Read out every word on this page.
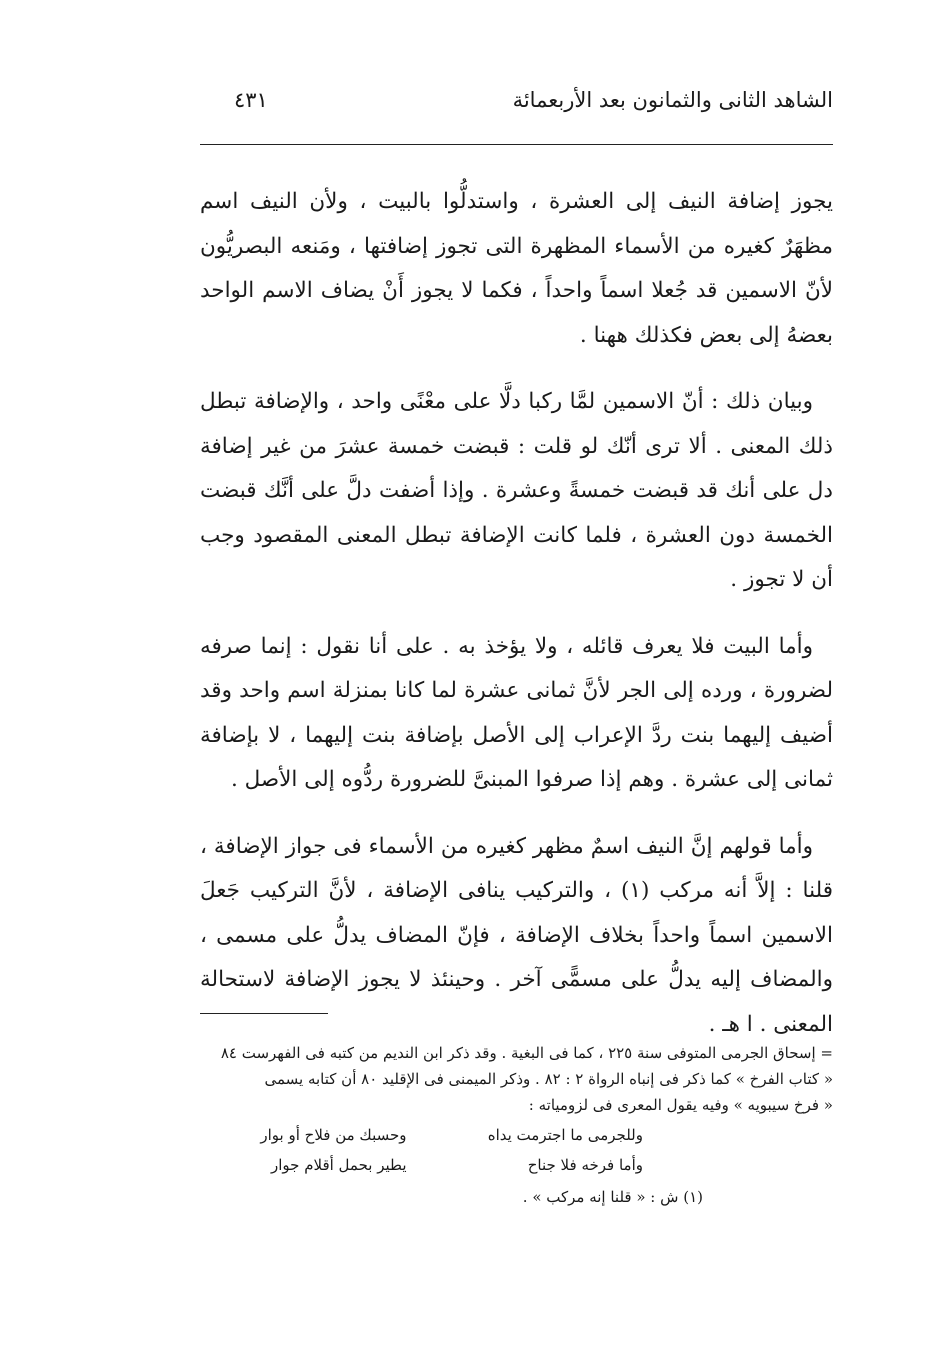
الشاهد الثانى والثمانون بعد الأربعمائة
٤٣١

يجوز إضافة النيف إلى العشرة ، واستدلُّوا بالبيت ، ولأن النيف اسم مظهَرٌ كغيره من الأسماء المظهرة التى تجوز إضافتها ، ومَنعه البصريُّون لأنّ الاسمين قد جُعلا اسماً واحداً ، فكما لا يجوز أَنْ يضاف الاسم الواحد بعضهُ إلى بعض فكذلك ههنا .

وبيان ذلك : أنّ الاسمين لمَّا ركبا دلَّا على معْنًى واحد ، والإضافة تبطل ذلك المعنى . ألا ترى أنّك لو قلت : قبضت خمسة عشرَ من غير إضافة دل على أنك قد قبضت خمسةً وعشرة . وإذا أضفت دلَّ على أنَّك قبضت الخمسة دون العشرة ، فلما كانت الإضافة تبطل المعنى المقصود وجب أن لا تجوز .

وأما البيت فلا يعرف قائله ، ولا يؤخذ به . على أنا نقول : إنما صرفه لضرورة ، ورده إلى الجر لأنَّ ثمانى عشرة لما كانا بمنزلة اسم واحد وقد أضيف إليهما بنت ردَّ الإعراب إلى الأصل بإضافة بنت إليهما ، لا بإضافة ثمانى إلى عشرة . وهم إذا صرفوا المبنىَّ للضرورة ردُّوه إلى الأصل .

وأما قولهم إنَّ النيف اسمٌ مظهر كغيره من الأسماء فى جواز الإضافة ، قلنا : إلاَّ أنه مركب (١) ، والتركيب ينافى الإضافة ، لأنَّ التركيب جَعلَ الاسمين اسماً واحداً بخلاف الإضافة ، فإنّ المضاف يدلُّ على مسمى ، والمضاف إليه يدلُّ على مسمًّى آخر . وحينئذ لا يجوز الإضافة لاستحالة المعنى . ا هـ .

= إسحاق الجرمى المتوفى سنة ٢٢٥ ، كما فى البغية . وقد ذكر ابن النديم من كتبه فى الفهرست ٨٤

« كتاب الفرخ » كما ذكر فى إنباه الرواة ٢ : ٨٢ . وذكر الميمنى فى الإقليد ٨٠ أن كتابه يسمى

« فرخ سيبويه » وفيه يقول المعرى فى لزومياته :

وللجرمى ما اجترمت يداه
وحسبك من فلاح أو بوار
وأما فرخه فلا جناح
يطير بحمل أقلام جوار

(١) ش : « قلنا إنه مركب » .
